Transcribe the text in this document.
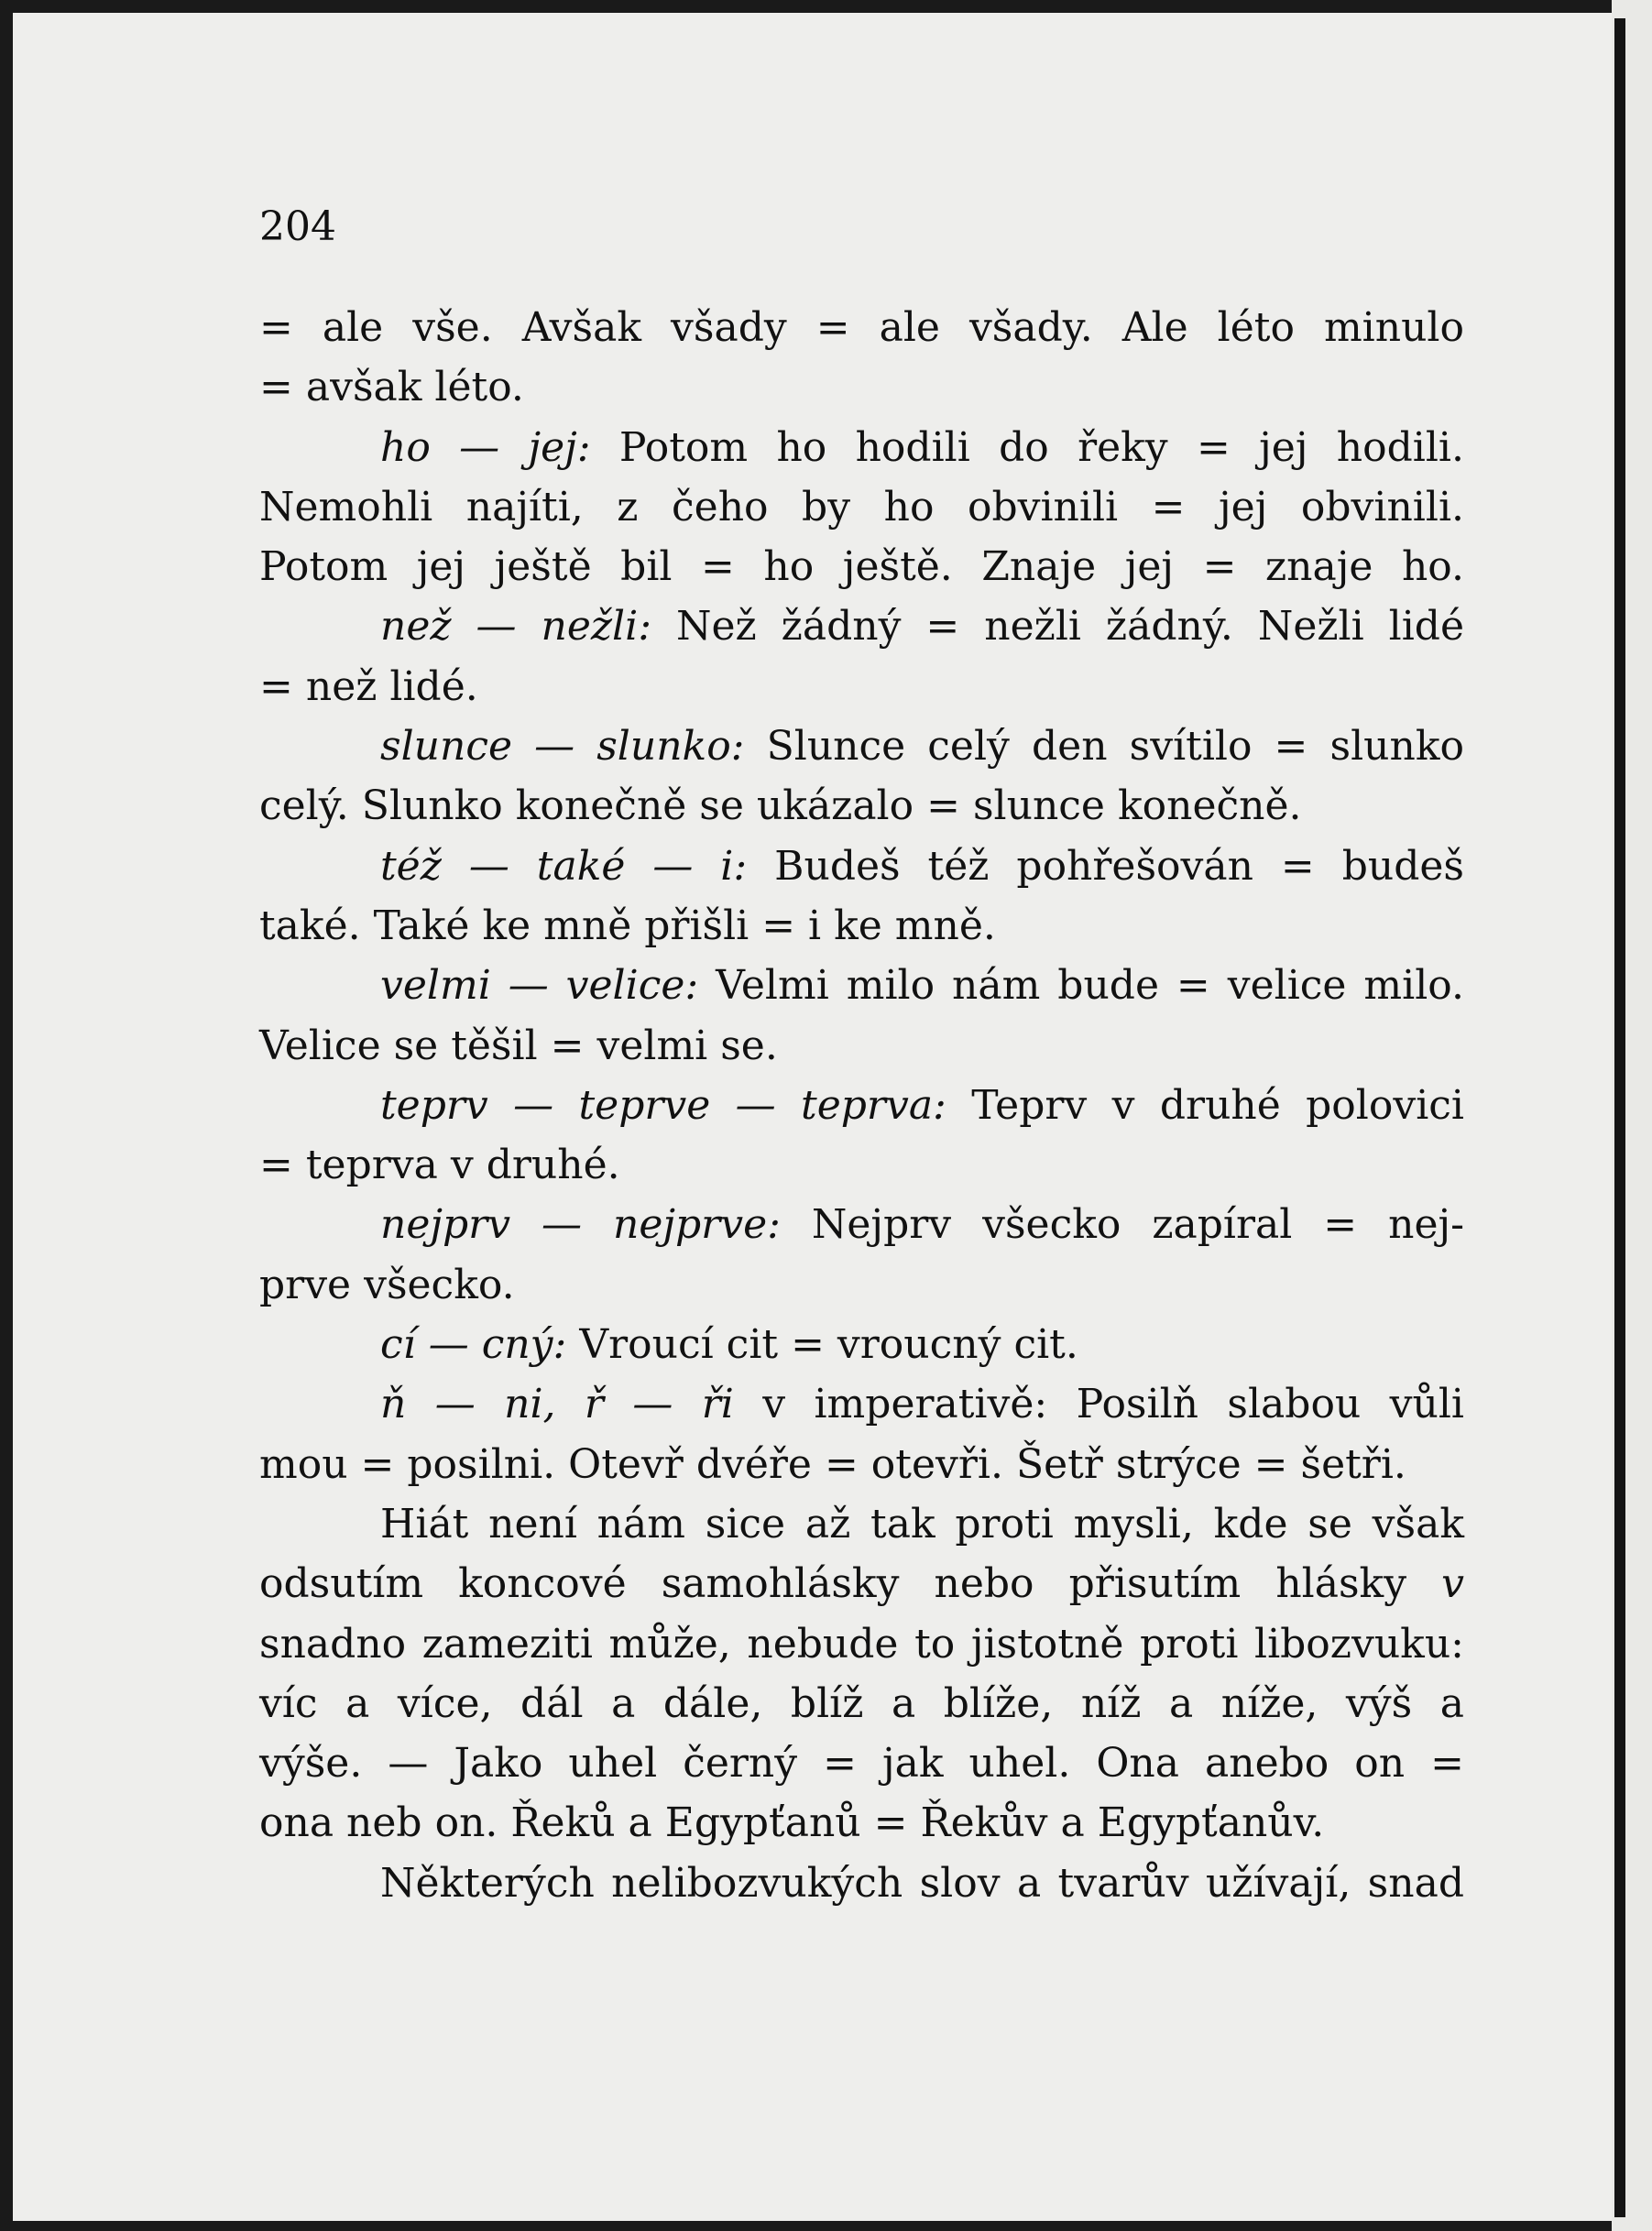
204

= ale vše. Avšak všady = ale všady. Ale léto minulo
= avšak léto.
ho — jej: Potom ho hodili do řeky = jej hodili.
Nemohli najíti, z čeho by ho obvinili = jej obvinili.
Potom jej ještě bil = ho ještě. Znaje jej = znaje ho.
než — nežli: Než žádný = nežli žádný. Nežli lidé
= než lidé.
slunce — slunko: Slunce celý den svítilo = slunko
celý. Slunko konečně se ukázalo = slunce konečně.
též — také — i: Budeš též pohřešován = budeš
také. Také ke mně přišli = i ke mně.
velmi — velice: Velmi milo nám bude = velice milo.
Velice se těšil = velmi se.
teprv — teprve — teprva: Teprv v druhé polovici
= teprva v druhé.
nejprv — nejprve: Nejprv všecko zapíral = nej-
prve všecko.
cí — cný: Vroucí cit = vroucný cit.
ň — ni, ř — ři v imperativě: Posilň slabou vůli
mou = posilni. Otevř dvéře = otevři. Šetř strýce = šetři.
Hiát není nám sice až tak proti mysli, kde se však
odsutím koncové samohlásky nebo přisutím hlásky v
snadno zameziti může, nebude to jistotně proti libozvuku:
víc a více, dál a dále, blíž a blíže, níž a níže, výš a
výše. — Jako uhel černý = jak uhel. Ona anebo on =
ona neb on. Řeků a Egypťanů = Řekův a Egypťanův.
Některých nelibozvukých slov a tvarův užívají, snad
